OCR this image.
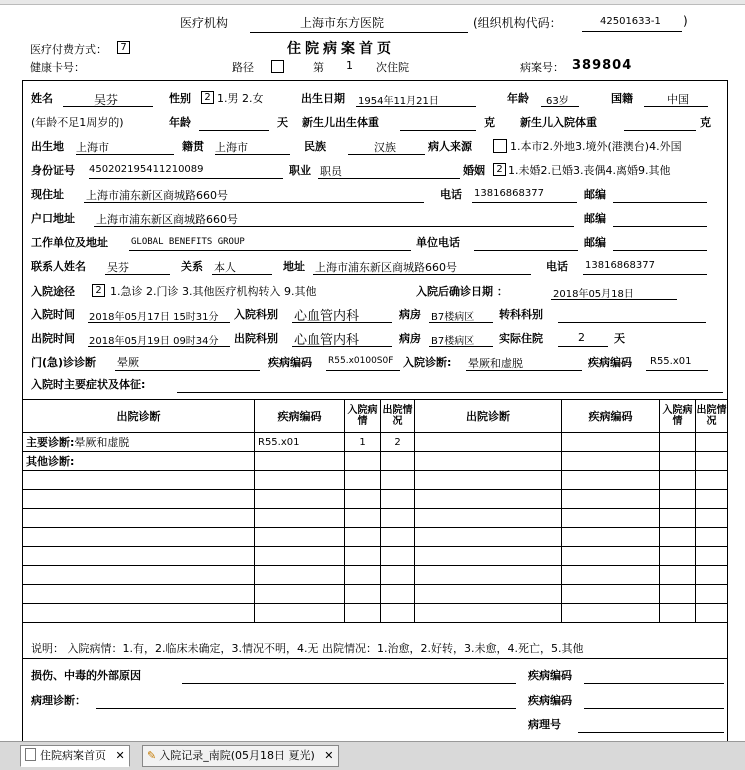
医疗机构	上海市东方医院	(组织机构代码：	42501633-1 )
住院病案首页
医疗付费方式：	7
健康卡号：	路径	第 1 次住院	病案号： 389804
姓名	吴芬	性别	2 1.男 2.女	出生日期 1954年11月21日	年龄 63岁	国籍	中国
(年龄不足1周岁的)	年龄	天 新生儿出生体重	克 新生儿入院体重	克
出生地 上海市	籍贯 上海市	民族	汉族	病人来源	1.本市2.外地3.境外(港澳台)4.外国
身份证号 450202195411210089	职业 职员	婚姻	2 1.未婚2.已婚3.丧偶4.离婚9.其他
现住址 上海市浦东新区商城路660号	电话 13816868377	邮编
户口地址 上海市浦东新区商城路660号	邮编
工作单位及地址	GLOBAL BENEFITS GROUP	单位电话	邮编
联系人姓名 吴芬	关系 本人	地址 上海市浦东新区商城路660号	电话 13816868377
入院途径	2 1.急诊 2.门诊 3.其他医疗机构转入 9.其他	入院后确诊日期 ：	2018年05月18日
入院时间 2018年05月17日 15时31分 入院科别 心血管内科	病房 B7楼病区 转科科别
出院时间 2018年05月19日 09时34分 出院科别 心血管内科	病房 B7楼病区 实际住院	2	天
门(急)诊诊断 晕厥	疾病编码 R55.x0100S0F 入院诊断: 晕厥和虚脱	疾病编码 R55.x01
入院时主要症状及体征:
出院诊断	疾病编码	入院病情	出院情况	出院诊断	疾病编码	入院病情	出院情况
主要诊断:晕厥和虚脱	R55.x01	1	2				
其他诊断:							

说明： 入院病情：1.有，2.临床未确定，3.情况不明，4.无 出院情况：1.治愈，2.好转，3.未愈，4.死亡，5.其他
损伤、中毒的外部原因	疾病编码
病理诊断：	疾病编码
病理号
住院病案首页 ✕	✎ 入院记录_南院(05月18日 夏光) ✕
